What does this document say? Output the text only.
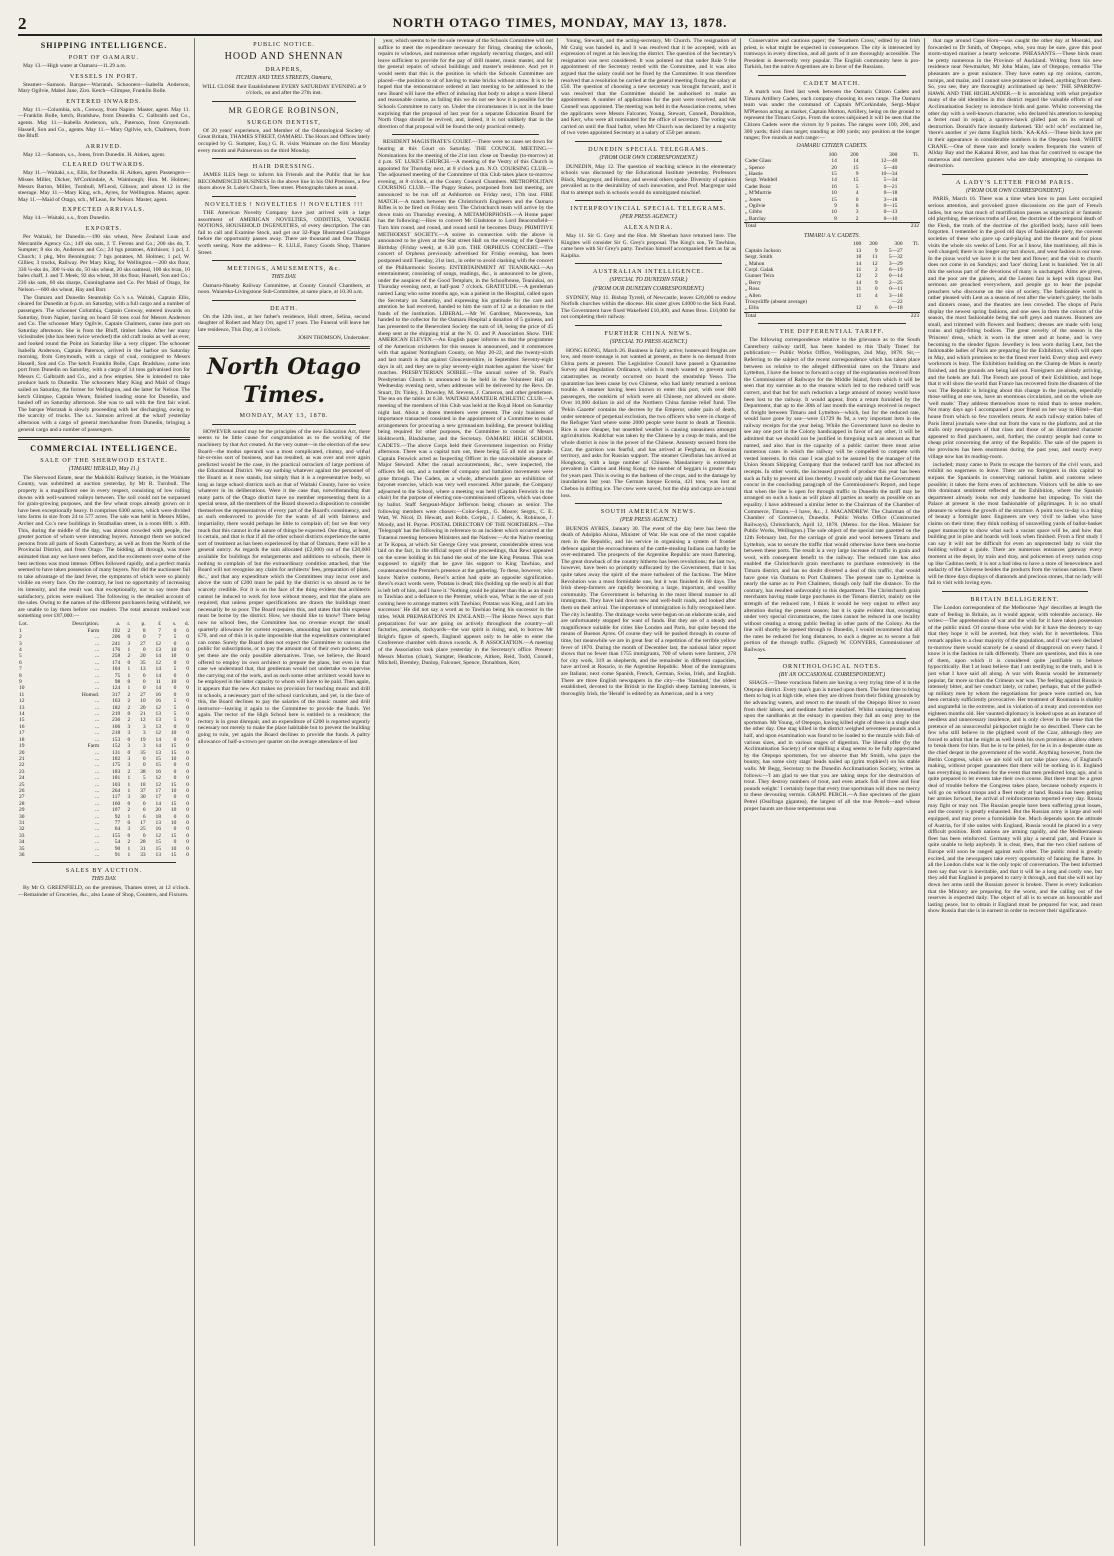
2	NORTH OTAGO TIMES, MONDAY, MAY 13, 1878.
SHIPPING INTELLIGENCE.
PORT OF OAMARU.

May 13.—High water at Oamaru—11.29 a.m.

VESSELS IN PORT.

Steamer—Samson. Barque—Warratah. Schooners—Isabella Anderson, Mary Ogilvie, Mabel Jane, Ziro. Ketch—Glimpse, Franklin Bolle.

ENTERED INWARDS.

May 11.—Columbia, sch., Conway, from Napier. Master, agent. May 11.—Franklin Bolle, ketch, Bradshaw, from Dunedin. C. Galbraith and Co., agents. May 11.—Isabella Anderson, sch., Paterson, from Greymouth. Hassell, Son and Co., agents. May 11.—Mary Ogilvie, sch, Chalmers, from the Bluff.

ARRIVED.

May 12.—Samson, s.s., Jones, from Dunedin. H. Aitken, agent.

CLEARED OUTWARDS.

May 11.—Waitaki, s.s., Ellis, for Dunedin. H. Aitken, agent. Passengers—Misses Miller, Dicker, M'Corkindale, A. Wainhough; Hon. M. Holmes; Messrs Barton, Miller, Turnbull, M'Leod, Gibson; and about 12 in the steerage. May 11.—Mary King, sch., Ayres, for Wellington. Master, agent. May 11.—Maid of Otago, sch., M'Lean, for Nelson. Master, agent.

EXPECTED ARRIVALS.

May 14.—Waitaki, s.s., from Dunedin.

EXPORTS.

Per Waitaki, for Dunedin.—190 sks wheat, New Zealand Loan and Mercantile Agency Co.; 149 sks oats, J. T. Ferens and Co.; 200 sks do, T. Sumpter; 8 sks do, Anderson and Co.; 24 bgs potatoes, Aitchison; 1 pcl, J. Church; 1 pkg, Mrs Bennington; 7 bgs potatoes, M. Holmes; 1 pcl, W. Gillies; 3 trucks, Railway. Per Mary King, for Wellington.—200 sks flour, 330 ¼-sks do, 300 ¼-sks do, 50 sks wheat, 20 sks oatmeal, 100 sks bran, 10 bales chaff, J. and T. Meek; 92 sks wheat, 30 sks flour, Hassell, Son and Co.; 230 sks oats, 60 sks sharps, Cunninghame and Co. Per Maid of Otago, for Nelson.—600 sks wheat, Hay and Barr.

The Oamaru and Dunedin Steamship Co.'s s.s. Waitaki, Captain Ellis, cleared for Dunedin at 6 p.m. on Saturday, with a full cargo and a number of passengers. The schooner Columbia, Captain Conway, entered inwards on Saturday, from Napier, having on board 50 tons coal for Messrs Anderson and Co. The schooner Mary Ogilvie, Captain Chalmers, came into port on Saturday afternoon. She is from the Bluff, timber laden. After her many vicissitudes (she has been twice wrecked) the old craft looks as well as ever, and looked round the Point on Saturday like a very clipper. The schooner Isabella Anderson, Captain Paterson, arrived in the harbor on Saturday morning, from Greymouth, with a cargo of coal, consigned to Messrs Hassell, Son and Co. The ketch Franklin Bolle, Capt. Bradshaw, came into port from Dunedin on Saturday, with a cargo of 14 tons galvanised iron for Messrs C. Galbraith and Co., and a few empties. She is intended to take produce back to Dunedin. The schooners Mary King and Maid of Otago sailed on Saturday, the former for Wellington, and the latter for Nelson. The ketch Glimpse, Captain Weare, finished loading stone for Dunedin, and hauled off on Saturday afternoon. She was to sail with the first fair wind. The barque Warratah is slowly proceeding with her discharging, owing to the scarcity of trucks. The s.s. Samson arrived at the wharf yesterday afternoon with a cargo of general merchandise from Dunedin, bringing a general cargo and a number of passengers.

COMMERCIAL INTELLIGENCE.
SALE OF THE SHERWOOD ESTATE.
(TIMARU HERALD, May 11.)

The Sherwood Estate, near the Makikihi Railway Station, in the Waimate County, was submitted at auction yesterday, by Mr R. Turnbull. The property is a magnificent one in every respect, consisting of low rolling downs with well-watered valleys between. The soil could not be surpassed for grain-growing purposes, and the few wheat crops already grown on it have been exceptionally heavy. It comprises 6300 acres, which were divided into farms in size from 24 to 577 acres. The sale was held in Messrs Miles, Archer and Co.'s new buildings in Strathallan street, in a room 80ft. x 40ft. This, during the middle of the day, was almost crowded with people, the greater portion of whom were intending buyers. Amongst them we noticed persons from all parts of South Canterbury, as well as from the North of the Provincial District, and from Otago. The bidding, all through, was more animated than any we have seen before, and the excitement over some of the best sections was most intense. Offers followed rapidly, and a perfect mania seemed to have taken possession of many buyers. Nor did the auctioneer fail to take advantage of the land fever, the symptoms of which were so plainly visible on every face. On the contrary, he lost no opportunity of increasing its intensity, and the result was that exceptionally, not to say more than satisfactory, prices were realised. The following is the detailed account of the sales. Owing to the names of the different purchasers being withheld, we are unable to lay them before our readers. The total amount realised was something over £87,000:—

Lot.	Description.	a.	r.	p.	£	s.	d.
1	Farm	192	2	8	7	0	0
2	...	206	0	0	7	5	0
3	...	241	3	27	12	0	0
4	...	176	1	0	13	10	0
5	...	258	2	20	14	10	0
6	...	174	0	35	12	0	0
7	...	104	1	13	14	5	0
8	...	75	1	0	14	0	0
9	...	98	0	0	11	10	0
10	...	124	1	0	14	0	0
11	Homsd.	317	2	27	16	0	0
12	...	163	2	10	16	5	0
13	...	182	2	20	12	5	0
14	...	219	0	21	13	5	0
15	...	236	2	12	13	5	0
16	...	106	3	3	13	0	0
17	...	218	3	3	12	10	0
18	...	153	0	19	14	0	0
19	Farm	152	3	3	14	15	0
20	...	131	0	35	13	15	0
21	...	182	3	0	15	10	0
22	...	175	3	0	15	0	0
23	...	183	2	38	16	0	0
24	...	181	1	5	12	0	0
25	...	103	1	18	12	15	0
26	...	264	1	37	17	10	0
27	...	117	3	30	17	0	0
28	...	160	0	0	14	15	0
29	...	107	2	6	20	10	0
30	...	92	1	6	18	0	0
31	...	77	0	17	13	10	0
32	...	64	3	25	16	0	0
33	...	155	0	0	12	15	0
34	...	54	2	28	15	0	0
35	...	90	1	31	15	10	0
36	...	91	1	33	13	15	0
SALES BY AUCTION.
THIS DAY.

By Mr O. GREENFIELD, on the premises, Thames street, at 12 o'clock.—Remainder of Groceries, &c., also Lease of Shop, Counters, and Fixtures.

PUBLIC NOTICE.
HOOD AND SHENNAN
DRAPERS,
ITCHEN AND TEES STREETS, Oamaru,

WILL CLOSE their Establishment EVERY SATURDAY EVENING at 9 o'clock, on and after the 27th inst.

MR GEORGE ROBINSON,
SURGEON DENTIST,

Of 20 years' experience, and Member of the Odontological Society of Great Britain, THAMES STREET, OAMARU. The Hours and Offices lately occupied by G. Sumpter, Esq.) G. R. visits Waimate on the first Monday every month and Palmerston on the third Monday.

HAIR DRESSING.

JAMES ILES begs to inform his Friends and the Public that he has RECOMMENCED BUSINESS In the above line in his Old Premises, a few doors above St. Luke's Church, Tees street. Photographs taken as usual.

NOVELTIES ! NOVELTIES !! NOVELTIES !!!

THE American Novelty Company have just arrived with a large assortment of AMERICAN NOVELTIES, ODDITIES, YANKEE NOTIONS, HOUSEHOLD INGENUITIES, of every description. The can fail to call and Examine Stock, and get our 32-Page Illustrated Catalogue before the opportunity passes away. There are thousand and One Things worth seeing. Note the address— R. LULE, Fancy Goods Shop, Thames Street.

MEETINGS, AMUSEMENTS, &c.
THIS DAY.

Oamaru-Naseby Railway Committee, at County Council Chambers, at noon. Waiareka-Livingstone Sub-Committee, at same place, at 10.30 a.m.

DEATH.

On the 12th inst., at her father's residence, Hull street, Selina, second daughter of Robert and Mary Orr, aged 17 years. The Funeral will leave her late residence, This Day, at 3 o'clock.

JOHN THOMSON, Undertaker.

North Otago Times.
MONDAY, MAY 13, 1878.

HOWEVER sound may be the principles of the new Education Act, there seems to be little cause for congratulation as to the working of the machinery by that Act created. At the very outset—in the election of the new Board—the modus operandi was a most complicated, clumsy, and withal hit-or-miss sort of business, and has resulted, as was over and over again predicted would be the case, in the practical ostracism of large portions of the Educational District. We say nothing whatever against the personnel of the Board as it now stands, but simply that it is a representative body, so long as large school districts such as that of Waitaki County, have no voice whatever in its deliberations. Were it the case that, notwithstanding that many parts of the Otago district have no member representing them in a special sense, all the members of the Board showed a disposition to consider themselves the representatives of every part of the Board's constituency, and as such endeavored to provide for the wants of all with fairness and impartiality, there would perhaps be little to complain of; but we fear very much that this cannot in the nature of things be expected. One thing, at least, is certain, and that is that if all the other school districts experience the same sort of treatment as has been experienced by that of Oamaru, there will be a general outcry. As regards the sum allocated (£2,000) out of the £20,000 available for buildings for enlargements and additions to schools, there is nothing to complain of but the extraordinary condition attached, that 'the Board will not recognise any claim for architects' fees, preparation of plans, &c.,' and that any expenditure which the Committees may incur over and above the sum of £200 must be paid by the district is so absurd as to be scarcely credible. For it is on the face of the thing evident that architects cannot be induced to work for love without money, and that the plans are required; that unless proper specifications are drawn the buildings must necessarily be so poor. The Board requires this, and states that this expense must be borne by the district. How, we should like to know? There being now no school fees, the Committee has no revenue except the small quarterly allowance for current expenses, amounting last quarter to about £70, and out of this it is quite impossible that the expenditure contemplated can come. Surely the Board does not expect the Committee to canvass the public for subscriptions, or to pay the amount out of their own pockets; and yet these are the only possible alternatives. True, we believe, the Board offered to employ its own architect to prepare the plans, but even in that case we understand that, that gentleman would not undertake to supervise the carrying out of the work, and as such some other architect would have to be employed in the latter capacity to whom will have to be paid. Then again, it appears that the new Act makes no provision for teaching music and drill in schools, a necessary part of the school curriculum, and yet, in the face of this, the Board declines to pay the salaries of the music master and drill instructor—leaving it again to the Committee to provide the funds. Yet again. The rector of the High School here is entitled to a residence; the rectory is in great disrepair, and an expenditure of £200 is reported urgently necessary not merely to make the place habitable but to prevent the building going to ruin, yet again the Board declines to provide the funds. A paltry allowance of half-a-crown per quarter on the average attendance of last

year, which seems to be the sole revenue of the Schools Committee will not suffice to meet the expenditure necessary for firing, cleaning the schools, repairs to windows, and numerous other regularly recurring charges, and still leave sufficient to provide for the pay of drill master, music master, and for the general repairs of school buildings and master's residence. And yet it would seem that this is the position in which the Schools Committee are placed—the position to sit of having to make bricks without straw. It is to be hoped that the remonstrance ordered at last meeting to be addressed to the new Board will have the effect of inducing that body to adopt a more liberal and reasonable course, as failing this we do not see how it is possible for the Schools Committee to carry on. Under the circumstances it is not in the least surprising that the proposal of last year for a separate Education Board for North Otago should be revived, and, indeed, it is not unlikely that in the direction of that proposal will be found the only practical remedy.

RESIDENT MAGISTRATE'S COURT.—There were no cases set down for hearing at this Court on Saturday. THE COUNCIL MEETING.—Nominations for the meeting of the 21st inst. close on Tuesday (to-morrow) at 4 p.m. ST. LUKE'S CHURCH.—A meeting of the Vestry of this Church is appointed for Thursday next, at 8 o'clock p.m. N.O. COURSING CLUB.—The adjourned meeting of the Committee of this Club takes place to-morrow evening, at 8 o'clock, at the County Council Chambers. METROPOLITAN COURSING CLUB.—The Puppy Stakes, postponed from last meeting, are announced to be run off at Ashburton on Friday next, 17th inst. FIRE MATCH.—A match between the Christchurch Engineers and the Oamaru Rifles is to be fired on Friday next. The Christchurch team will arrive by the down train on Thursday evening. A METAMORPHOSIS.—A Home paper has the following:—How to convert Mr Gladstone to Lord Beaconsfield—Turn him round, and round, and round until he becomes Dizzy. PRIMITIVE METHODIST SOCIETY.—A soiree in connection with the above is announced to be given at the Star street Hall on the evening of the Queen's Birthday (Friday week), at 6.30 p.m. THE ORPHEUS CONCERT.—The concert of Orpheus previously advertised for Friday evening, has been postponed until Tuesday, 21st inst., in order to avoid clashing with the concert of the Philharmonic Society. ENTERTAINMENT AT TEANIKAKI.—An entertainment, consisting of songs, readings, &c., is announced to be given, under the auspices of the Good Templars, in the Schoolhouse, Teaniukai, on Thursday evening next, at half-past 7 o'clock. GRATITUDE.—A gentleman named Lang who some months ago, was a patient in the Hospital, called upon the Secretary on Saturday, and expressing his gratitude for the care and attention he had received, handed to him the sum of 12 as a donation to the funds of the institution. LIBERAL.—Mr W. Gardiner, Maceweena, has handed to the collector for the Oamaru Hospital a donation of 5 guineas, and has presented to the Benevolent Society the sum of 18, being the price of 45 sheep sent at the shipping trial at the N. O. and P. Association Show. THE AMERICAN ELEVEN.—An English paper informs us that the programme of the American cricketers for this season is announced, and it commences with that against Nottingham County, on May 20-22, and the twenty-sixth and last match is that against Gloucestershire, in September. Seventy-eight days in all, and they are to play seventy-eight matches against the 'sixes' for matches. PRESBYTERIAN SOIREE.—The annual soiree of St. Paul's Presbyterian Church is announced to be held in the Volunteer Hall on Wednesday evening next, when addresses will be delivered by the Revs. Dr. Stuart, Dr. Tinley, J. Dowsley, M. Stevens, J. Cameron, and other gentlemen. The tea on the tables at 6.30. WAITAKI AMATEUR ATHLETIC CLUB.—A meeting of the members of this Club was held at the Royal Hotel on Saturday night last. About a dozen members were present. The only business of importance transacted consisted in the appointment of a Committee to make arrangements for procuring a new gymnasium building, the present building being required for other purposes, the Committee to consist of Messrs Holdsworth, Blackburne, and the Secretary. OAMARU HIGH SCHOOL CADETS.—The above Corps held their Government inspection on Friday afternoon. There was a capital turn out, there being 55 all told on parade. Captain Fenwick acted as Inspecting Officer in the unavoidable absence of Major Steward. After the usual accoutrements, &c., were inspected, the officers fell out, and a number of company and battalion movements were gone through. The Cadets, as a whole, afterwards gave an exhibition of bayonet exercise, which was very well executed. After parade, the Company adjourned to the School, where a meeting was held (Captain Fenwick in the chair) for the purpose of electing non-commissioned officers, which was done by ballot. Staff Sergeant-Major Jefferson being chosen as senior. The following members were chosen:—Color-Sergt., G. Moore; Sergts., C. E. Watt, W. Nicol, D. Hewatt, and Robb. Corpls., J. Cadets, A. Robinson, J. Moody, and H. Payne. POSTAL DIRECTORY OF THE NORTHERN.—The 'Telegraph' has the following in reference to an incident which occurred at the Tutaenui meeting between Ministers and the Natives:—At the Native meeting at Te Kopua, at which Sir George Grey was present, considerable stress was laid on the fact, in the official report of the proceedings, that Rewi appeared on the scene holding in his hand the seal of the late King Potatau. This was supposed to signify that he gave his support to King Tawhiao, and countenanced the Premier's presence at the gathering. To these, however, who know Native customs, Rewi's action had quite an opposite signification. Rewi's exact words were, 'Potatau is dead; this (holding up the seal) is all that is left left of him, and I have it.' Nothing could be plainer than this as an insult to Tawhiao and a defiance to the Premier, which was, 'What is the use of you coming here to arrange matters with Tawhiao; Potatau was King, and I am his successor.' He did not say a word as to Tawhiao being his successor in the titles. WAR PREPARATIONS IN ENGLAND.—The Home News says that preparations for war are going on actively throughout the country—all factories, arsenals, dockyards—the war spirit is rising, and, to borrow Mr Bright's figure of speech, England appears only to be able to enter the Conference chamber with drawn swords. A. P. ASSOCIATION.—A meeting of the Association took place yesterday in the Secretary's office. Present: Messrs Morton (chair), Sumpter, Heathcote, Aitken, Reid, Todd, Connell, Mitchell, Bremley, Dunlop, Falconer, Spence, Donaldson, Kerr,

Young, Steward, and the acting-secretary, Mr Church. The resignation of Mr Craig was handed in, and it was resolved that it be accepted, with an expression of regret at his leaving the district. The question of the Secretary's resignation was next considered. It was pointed out that under Rule 9 the appointment of the Secretary rested with the Committee, and it was also argued that the salary could not be fixed by the Committee. It was therefore resolved that a resolution be carried at the general meeting fixing the salary at £50. The question of choosing a new secretary was brought forward, and it was resolved that the Committee should be authorised to make an appointment. A number of applications for the post were received, and Mr Connell was appointed. The meeting was held in the Association rooms, when the applicants were Messrs Falconer, Young, Stewart, Connell, Donaldson, and Kerr, who were all nominated for the office of secretary. The voting was carried on until the final ballot, when Mr Church was declared by a majority of two votes appointed Secretary at a salary of £50 per annum.

DUNEDIN SPECIAL TELEGRAMS.
(FROM OUR OWN CORRESPONDENT.)

DUNEDIN, May 12. The question of teaching science in the elementary schools was discussed by the Educational Institute yesterday. Professors Black, Macgregor, and Hutton, and several others spoke. Diversity of opinion prevailed as to the desirability of such innovation, and Prof. Macgregor said that to attempt such in schools would do unmitigated mischief.

INTERPROVINCIAL SPECIAL TELEGRAMS.
(PER PRESS AGENCY.)
ALEXANDRA.

May 11. Sir G. Grey and the Hon. Mr Sheehan have returned here. The Kingites will consider Sir G. Grey's proposal. The King's son, Te Tawhiao, came here with Sir Grey's party. Tawhiao himself accompanied them as far as Kaipiha.

AUSTRALIAN INTELLIGENCE.
(SPECIAL TO DUNEDIN STAR.)
(FROM OUR DUNEDIN CORRESPONDENT.)

SYDNEY, May 11. Bishop Tyrrell, of Newcastle, leaves £20,000 to endow Norfolk churches within the diocese. His sister gives £4000 to the Sick Fund. The Government have fixed Wakefield £10,400, and Ames Bros. £10,000 for not completing their railway.

FURTHER CHINA NEWS.
(SPECIAL TO PRESS AGENCY.)

HONG KONG, March 26. Business is fairly active; homeward freights are low, and more tonnage is not wanted at present, as there is no demand from China ports at present. The Legislative Council have passed a Quarantine Survey and Regulation Ordinance, which is much wanted to prevent such catastrophes as recently occurred on board the steamship Yesso. The quarantine has been cause by two Chinese, who had lately returned a serious trouble. A steamer having been known to enter this port, with over 600 passengers, the outskirts of which were all Chinese, not allowed on shore. Over 10,000 dollars in aid of the Northern China famine relief fund. The 'Pekin Gazette' contains the decrees by the Emperor, under pain of death, under sentence of perpetual exclusion, the two officers who were in charge of the Refugee Yard where some 2000 people were burnt to death at Tientsin. Rice is now cheaper, but unsettled weather is causing uneasiness amongst agriculturists. Kuldchar was taken by the Chinese by a coup de main, and the whole district is now in the power of the Chinese. Amnesty secured from the Czar, the garrison was fearful, and has arrived at Ferghana, on Russian territory, and asks for Russian support. The steamer Glenfinlas has arrived at Hongkong, with a large number of Chinese. Mandarinery is extremely prevalent in Canton and Hong Kong; the number of beggars is greater than for years past. This is owing to the badness of the crops, and to the damage by inundations last year. The German barque Econia, 421 tons, was lost at Cheboo in drifting ice. The crew were saved, but the ship and cargo are a total loss.

SOUTH AMERICAN NEWS.
(PER PRESS AGENCY.)

BUENOS AYRES, January 30. The event of the day here has been the death of Adolpho Alsina, Minister of War. He was one of the most capable men in the Republic, and his service in organising a system of frontier defence against the encroachments of the cattle-stealing Indians can hardly be over-estimated. The prospects of the Argentine Republic are most flattering. The great drawback of the country hitherto has been revolutions; the last two, however, have been so promptly suffocated by the Government, that it has quite taken away the spirit of the more turbulent of the factions. The Mitre Revolution was a most formidable one, but it was finished in 60 days. The Irish sheep-farmers are rapidly becoming a large, important, and wealthy community. The Government is behaving in the most liberal manner to all immigrants. They have laid down new and well-built roads, and looked after them on their arrival. The importance of immigration is fully recognised here. The city is healthy. The drainage works were begun on an elaborate scale, and are unfortunately stopped for want of funds. But they are of a steady and magnificence suitable for cities like London and Paris, but quite beyond the means of Buenos Ayres. Of course they will be pushed through in course of time, but meanwhile we are in great fear of a repetition of the terrible yellow fever of 1870. During the month of December last, the national labor report shows that no fewer than 1755 immigrants, 700 of whom were farmers, 278 for city work, 319 as shepherds, and the remainder in different capacities, have arrived at Rosario, in the Argentine Republic. Most of the immigrants are Italians; next come Spanish, French, German, Swiss, Irish, and English. There are three English newspapers in the city—the 'Standard,' the oldest established, devoted to the British in the English sheep farming interests, is thoroughly Irish, the 'Herald' is edited by an American, and is a very

Conservative and cautious paper; the 'Southern Cross,' edited by an Irish priest, is what might be expected in consequence. The city is intersected by tramways in every direction, and all parts of it are thoroughly accessible. The President is deservedly very popular. The English community here is pro-Turkish, but the native Argentines are in favor of the Russians.

CADET MATCH.

A match was fired last week between the Oamaru Citizen Cadets and Timaru Artillery Cadets, each company choosing its own range. The Oamaru team was under the command of Captain M'Corkindale, Sergt.-Major M'Pherson acting as marker, Captain Morton, Artillery, being on the ground to represent the Timaru Corps. From the scores subjoined it will be seen that the Citizen Cadets were the victors by 9 points. The ranges were 100, 200, and 300 yards; third class target; standing at 100 yards; any position at the longer ranges; five rounds at each range:—

OAMARU CITIZEN CADETS.
	100	200	300	Tl.
Cadet Glass	14	14	12—40	
„ Spence	20	15	5—40	
„ Hastie	15	9	10—34	
Sergt. Waddell	14	15	5—34	
Cadet Boist	16	5	0—21	
„ M'Murtrie	10	4	0—18	
„ Jones	15	0	3—18	
„ Ogilvie	9	6	0—15	
„ Gibbs	10	3	0—13	
„ Barclay	8	2	0—10	
Total				232
TIMARU A.V. CADETS.
	100	200	300	Tl.
Captain Jackson	13	9	5—27	
Sergt. Smith	18	11	5—32	
„ Mahon	14	12	3—29	
Corpl. Galak	11	2	6—19	
Gunner Teira	12	2	0—14	
„ Berry	14	9	2—25	
„ Ross	11	0	0—11	
„ Allen	11	4	3—18	
Trooysliffe (absent average)			—22	
„ Ellis	12	6	0—18	
Total				223
THE DIFFERENTIAL TARIFF.

The following correspondence relative to the grievance as to the South Canterbury railway tariff, has been handed to this 'Daily Times' for publication:— Public Works Office, Wellington, 2nd May, 1878. Sir,—Referring to the subject of the recent correspondence which has taken place between us relative to the alleged differential rates on the Timaru and Lyttelton, I have the honor to forward a copy of the explanation received from the Commissioner of Railways for the Middle Island, from which it will be seen that my surmise as to the reasons which led to the reduced tariff was correct, and that but for such reduction a large amount of money would have been lost to the railway. It would appear, from a return furnished by the Department, that up to the 30th of last month the earnings received in respect of freight between Timaru and Lyttelton—which, but for the reduced rate, would have gone by sea—were £1729 8s 9d, a very important item in the railway receipts for the year being. While the Government have no desire to see any one port in the Colony handicapped in favor of any other, it will be admitted that we should not be justified in foregoing such an amount as that named, and also that in the capacity of a public carrier there must arise numerous cases in which the railway will be compelled to compete with vested interests. In this case I was glad to be assured by the manager of the Union Steam Shipping Company that the reduced tariff has not affected its receipts. In other words, the increased growth of produce this year has been such as fully to prevent all loss thereby. I would only add that the Government concur in the concluding paragraph of the Commissioner's Report, and hope that when the line is open for through traffic to Dunedin the tariff may be arranged on such a basis as will place all parties as nearly as possible on an equality. I have addressed a similar letter to the Chairman of the Chamber of Commerce, Timaru.—I have, &c., J. MACANDREW. The Chairman of the Chamber of Commerce, Dunedin. Public Works Office (Constructed Railways), Christchurch, April 12, 1878. (Memo. for the Hon. Minister for Public Works, Wellington.) The sole object of the special rate gazetted on the 12th February last, for the carriage of grain and wool between Timaru and Lyttelton, was to secure the traffic that would otherwise have been sea-borne between these ports. The result is a very large increase of traffic in grain and wool, with consequent benefit to the railway. The reduced rate has also enabled the Christchurch grain merchants to purchase extensively in the Timaru district, and has no doubt diverted a deal of this traffic, that would have gone via Oamaru to Port Chalmers. The present rate to Lyttelton is nearly the same as to Port Chalmers, though only half the distance. To the contrary, has resulted unfavorably to this department. The Christchurch grain merchants having made large purchases in the Timaru district, mainly on the strength of the reduced rate, I think it would be very unjust to effect any alteration during the present season; but it is quite evident that, excepting under very special circumstances, the rates cannot be reduced in one locality without creating a strong public feeling in other parts of the Colony. As the line will shortly be opened through to Dunedin, I would recommend that all the rates be reduced for long distances, to such a degree as to secure a fair portion of the through traffic. (Signed) W. CONYERS, Commissioner of Railways.

ORNITHOLOGICAL NOTES.
(BY AN OCCASIONAL CORRESPONDENT.)

SHAGS.—These voracious fishers are having a very trying time of it in the Otepopo district. Every man's gun is turned upon them. The best time to bring them to bag is at high tide, when they are driven from their fishing grounds by the advancing waters, and resort to the mouth of the Otepopo River to roost from their labors, and meditate further mischief. Whilst sunning themselves upon the sandbanks at the estuary in question they fall an easy prey to the sportsman. Mr Young, of Otepopo, having killed eight of these in a single shot the other day. One stag killed in the district weighed seventeen pounds and a half, and upon examination was found to be loaded to the muzzle with fish of various sizes, and in various stages of digestion. The liberal offer (by the Acclimatisation Society) of one shilling a shag seems to be fully appreciated by the Otepopo sportsmen, for we observe that Mr Smith, who pays the bounty, has some sixty stags' heads nailed up (grim trophies!) on his stable walls. Mr Begg, Secretary to the Dunedin Acclimatisation Society, writes as follows:—'I am glad to see that you are taking steps for the destruction of trout. They destroy numbers of trout, and even attack fish of three and four pounds weight.' I certainly hope that every true sportsman will show no mercy to these devouring vermin. GRAPE PERCH.—A fine specimen of the giant Petrel (Ossifraga gigantea), the largest of all the true Petrels—and whose proper haunts are those tempestuous seas

that rage around Cape Horn—was caught the other day at Moeraki, and forwarded to Dr Smith, of Otepopo, who, you may be sure, gave this poor storm-stayed mariner a hearty welcome. PHEASANTS.—These birds must be pretty numerous in the Province of Auckland. Writing from his new residence near Newmarket, Mr John Mains, late of Otepopo, remarks 'The pheasants are a great nuisance. They have eaten up my onions, carrots, turnips, and maize, and I cannot save potatoes or indeed, anything from them. So, you see, they are thoroughly acclimatised up here.' THE SPARROW-HAWK AND THE HIGHLANDER.—It is astonishing with what prejudice many of the old identities in this district regard the valuable efforts of our Acclimatisation Society to introduce birds and game. Whilst conversing the other day with a well-known character, who declared his attention to keeping a ferret road in repair, a sparrow-hawk glided past on its errand of destruction. Donald's face instantly darkened. 'Eh! och! och!' exclaimed he, 'there's another o' yer damn English birds.' KA-KAS.—These birds have put in their appearance in considerable numbers in the Otepopo bush. WHITE CRANE.—One of these rare and lonely waders frequents the waters of Allday Bay and the Kakanui River, and has thus far contrived to escape the numerous and merciless gunners who are daily attempting to compass its destruction.

A LADY'S LETTER FROM PARIS.
(FROM OUR OWN CORRESPONDENT.)

PARIS, March 16. There was a time when how to pass Lent occupied serious attention, and provoked grave discussions on the part of French ladies, but now that much of mortification passes as unpractical or fantastic old plaything, the serious truths of Lent, the doctrine of the temporal death of the Flesh, the truth of the doctrine of the glorified body, have still been forgotten. I remember in the good old days of fashionable piety, the convent societies of these who gave up card-playing and the theatre and for pious visits the whole six weeks of Lent. For as I know, like matrimony, all this is well changed; there is no longer any tact shown, and wear fashion is our tone. In the pious world we have it is the best and flower; and the visit to church does not come in on Sundays; and 'lace' during Lent is banished. Yet in all this the serious part of the devotions of many is unchanged. Alms are given, and the poor are the gainers, and the Lenten fast is kept with rigour. But sermons are preached everywhere, and people go to hear the popular preachers who discourse on the sins of society. The fashionable world is rather pleased with Lent as a season of rest after the winter's gaiety; the balls and dinners cease, and the theatres are less crowded. The shops of Paris display the newest spring fashions, and one sees in them the colours of the season, the most fashionable being the soft greys and mauves. Bonnets are small, and trimmed with flowers and feathers; dresses are made with long trains and tight-fitting bodices. The great novelty of the season is the 'Princess' dress, which is worn in the street and at home, and is very becoming to the slender figure. Jewellery is less worn during Lent, but the fashionable ladies of Paris are preparing for the Exhibition, which will open in May, and which promises to be the finest ever held. Every shop and every workroom is busy. The Exhibition building on the Champ de Mars is nearly finished, and the grounds are being laid out. Foreigners are already arriving, and the hotels are full. The French are proud of their Exhibition, and hope that it will show the world that France has recovered from the disasters of the war. The Republic is bringing about this change in the journals, especially those selling at one sou, have an enormous circulation, and on the whole are 'well made.' They address themselves more to mind than to sense readers. Not many days ago I accompanied a poor friend on her way to Hôtel—that house from which so few travellers return. At each railway station bales of Paris literal journals were shut out from the vans to the platform; and at the stalls only newspapers of that class and those of an illustrated character appeared to find purchasers, and, further, the country people had come to cheap print concerning the army of the Republic. The sale of the papers in the provinces has been enormous during the past year, and nearly every village now has its reading-room.

included; many came to Paris to escape the horrors of the civil wars, and exhibit no eagerness to leave. There are no foreigners in this capital to surpass the Spaniards in conserving national habits and customs where possible; it takes the form even of architecture. Visitors will be able to see this dominant sentiment reflected at the Exhibition, where the Spanish department already looks not only handsome but imposing. To visit the Palace at present is the most fashionable of pilgrimages. It is no small pleasure to witness the growth of the structure. A point now to-day is a thing of beauty a fortnight later. Engineers are very 'civil' to ladies who have claims on their time; they think nothing of unravelling yards of ballot-basket paper manuscript to show what such a vacant space will be, and how that building put in pine and boards will look when finished. From a first study I can say it will not be difficult for even an unprotected lady to visit the building without a guide. There are numerous entrances gateway every moment at the depot, by train and dray, and policemen of every nation crop up like Cadmus teeth; it is not a bad idea to have a store of benevolence and audacity of the Universe besides the products from the various nations. There will be three days displays of diamonds and precious stones, that no lady will fail to visit with loving eyes.

BRITAIN BELLIGERENT.

The London correspondent of the Melbourne 'Age' describes at length the state of feeling in Britain, as it would appear, with tolerable accuracy. He writes:—The apprehension of war and the wish for it have taken possession of the public mind. Of course those who wish for it have the decency to say that they hope it will be averted, but they wish for it nevertheless. This remark applies to a clear majority of the population, and if war were declared to-morrow there would scarcely be a sound of disapproval on every hand. I know it is the fashion to talk differently. There are questions, and this is one of them, upon which it is considered quite justifiable to behave hypocritically. But I at least believe that I am testifying to the truth, and it is just what I have said all along. A war with Russia would be immensely popular, far more so than the Crimean war was. The feeling against Russia is intensely bitter, and her conduct lately, or rather, perhaps, that of the puffed-up military men by whom the negotiations for peace were carried on, has been certainly sufficiently provocative. Her treatment of Roumania is shabby and ungrateful in the extreme, and in violation of a treaty and convention not eighteen months old. Her vaunted diplomacy is looked upon as an instance of needless and unnecessary insolence, and is only clever in the sense that the pretence of an unsuccessful pickpocket might be so described. There can be few who still believe in the plighted word of the Czar, although they are forced to admit that he might as well break his own promises as allow others to break them for him. But he is to be pitied, for he is in a desperate state as the chief despot in the government of the world. Anything however, from the Berlin Congress, which we are told will not take place now, of England's making, without proper guarantees that there will be nothing in it. England has everything in readiness for the event that men predicted long ago, and is quite prepared to let events take their own course. But there must be a great deal of trouble before the Congress takes place, because nobody expects it will go on without troops and a fleet ready at hand. Russia has been getting her armies forward, the arrival of reinforcements reported every day. Russia may fight or may not. The Russian people have been suffering great losses, and the country is greatly exhausted. But the Russian army is large and well equipped, and may prove a formidable foe. Much depends upon the attitude of Austria, for if she unites with England, Russia would be placed in a very difficult position. Both nations are arming rapidly, and the Mediterranean fleet has been reinforced. Germany will play a neutral part, and France is quite unable to help anybody. It is clear, then, that the two chief nations of Europe will soon be ranged against each other. The public mind is greatly excited, and the newspapers take every opportunity of fanning the flame. In all the London clubs war is the only topic of conversation. The best informed men say that war is inevitable, and that it will be a long and costly one, but they add that England is prepared to carry it through, and that she will not lay down her arms until the Russian power is broken. There is every indication that the Ministry are preparing for the worst, and the calling out of the reserves is expected daily. The object of all is to secure an honourable and lasting peace, but to obtain it England must be prepared for war, and must show Russia that she is in earnest in order to recover their significance.
